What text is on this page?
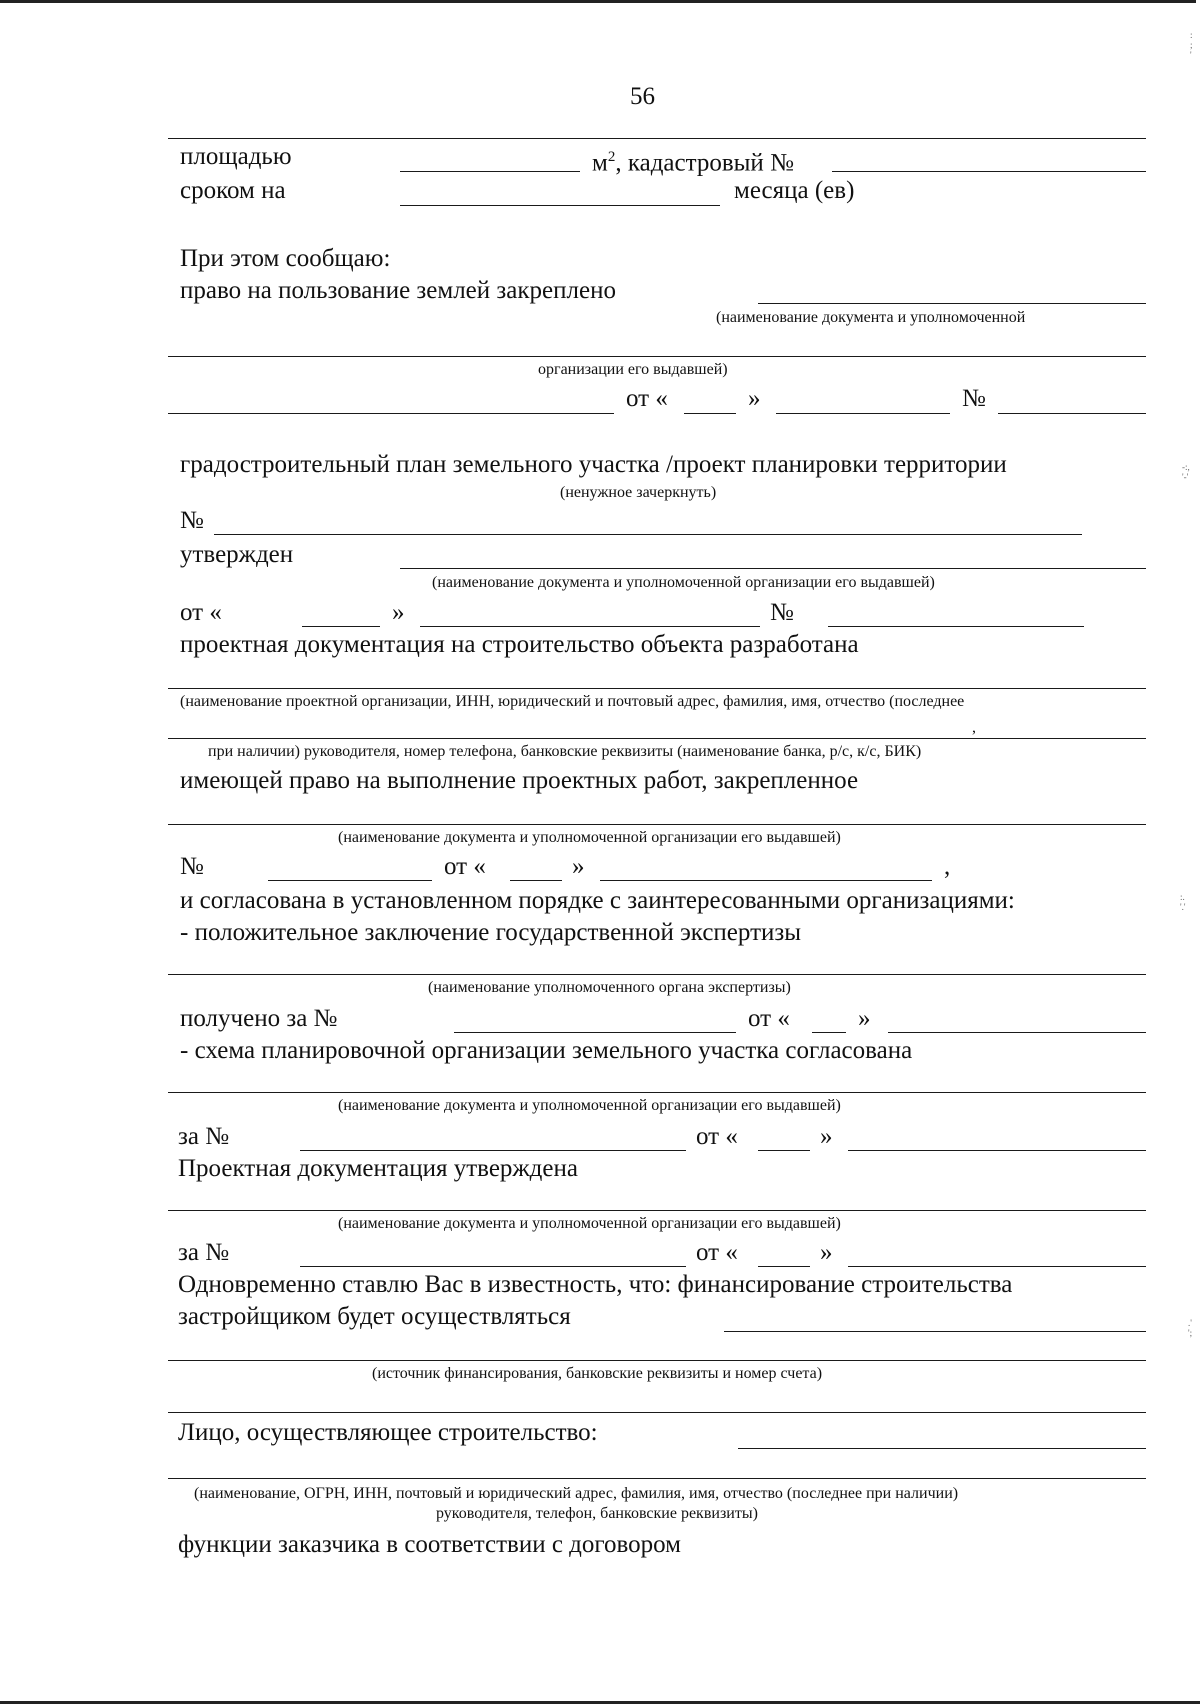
:
;
'
-:,
'-'
:.
'.'
.'
';
56
площадью	$м^2$, кадастровый №
сроком на	месяца (ев)
При этом сообщаю:
право на пользование землей закреплено
(наименование документа и уполномоченной
организации его выдавшей)
от «	»	№
градостроительный план земельного участка /проект планировки территории
(ненужное зачеркнуть)
№
утвержден
(наименование документа и уполномоченной организации его выдавшей)
от «	»	№
проектная документация на строительство объекта разработана
(наименование проектной организации, ИНН, юридический и почтовый адрес, фамилия, имя, отчество (последнее
,
при наличии) руководителя, номер телефона, банковские реквизиты (наименование банка, р/с, к/с, БИК)
имеющей право на выполнение проектных работ, закрепленное
(наименование документа и уполномоченной организации его выдавшей)
№	от «	»	,
и согласована в установленном порядке с заинтересованными организациями:
- положительное заключение государственной экспертизы
(наименование уполномоченного органа экспертизы)
получено за №	от «	»
- схема планировочной организации земельного участка согласована
(наименование документа и уполномоченной организации его выдавшей)
за №	от «	»
Проектная документация утверждена
(наименование документа и уполномоченной организации его выдавшей)
за №	от «	»
Одновременно ставлю Вас в известность, что: финансирование строительства
застройщиком будет осуществляться
(источник финансирования, банковские реквизиты и номер счета)
Лицо, осуществляющее строительство:
(наименование, ОГРН, ИНН, почтовый и юридический адрес, фамилия, имя, отчество (последнее при наличии)
руководителя, телефон, банковские реквизиты)
функции заказчика в соответствии с договором
